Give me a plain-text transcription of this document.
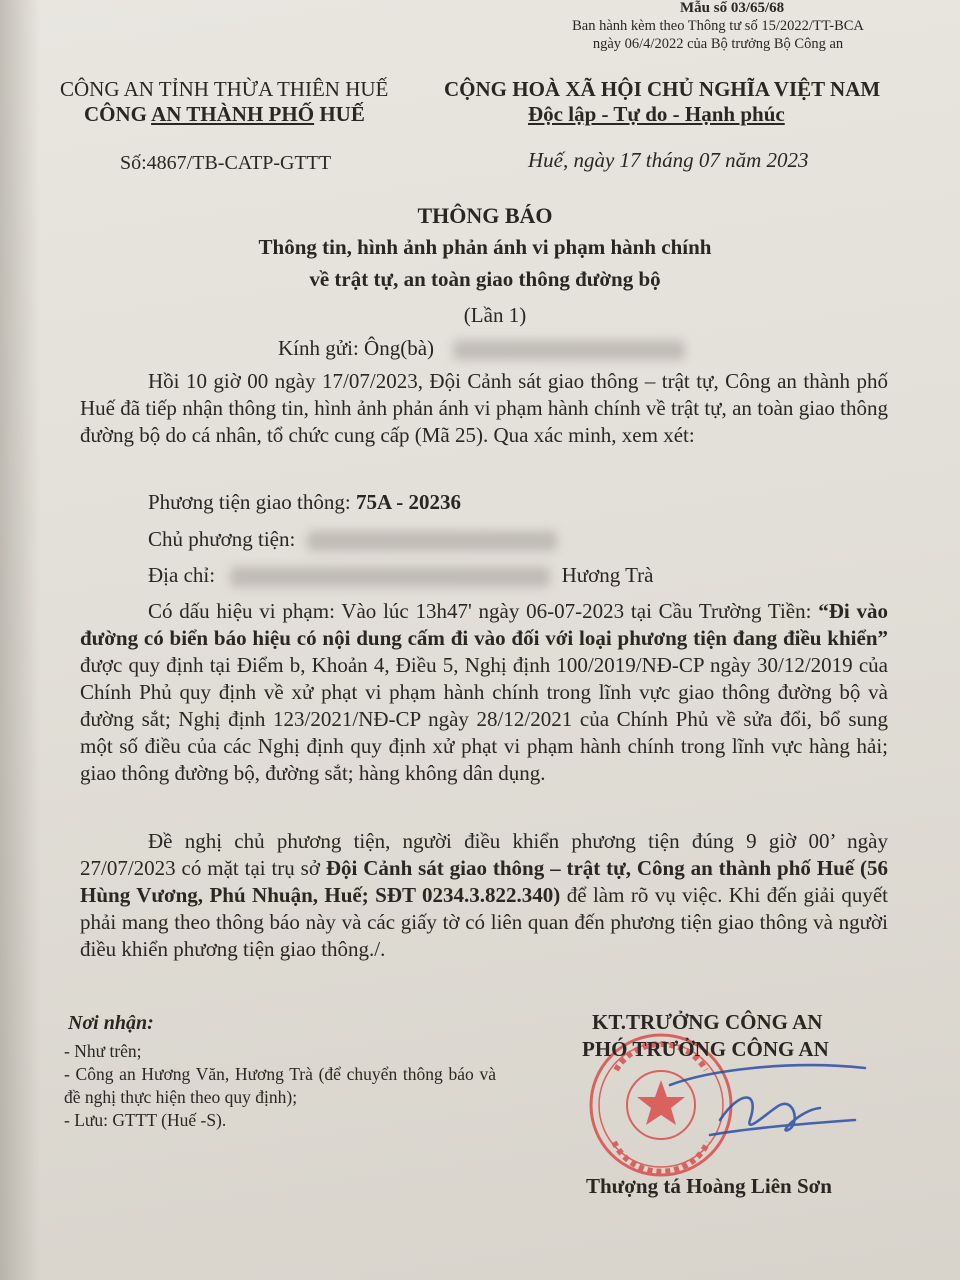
Mẫu số 03/65/68
Ban hành kèm theo Thông tư số 15/2022/TT-BCA
ngày 06/4/2022 của Bộ trưởng Bộ Công an
CÔNG AN TỈNH THỪA THIÊN HUẾ
CÔNG AN THÀNH PHỐ HUẾ
CỘNG HOÀ XÃ HỘI CHỦ NGHĨA VIỆT NAM
Độc lập - Tự do - Hạnh phúc
Số:4867/TB-CATP-GTTT	Huế, ngày 17 tháng 07 năm 2023
THÔNG BÁO
Thông tin, hình ảnh phản ánh vi phạm hành chính
về trật tự, an toàn giao thông đường bộ
(Lần 1)
Kính gửi: Ông(bà)
Hồi 10 giờ 00 ngày 17/07/2023, Đội Cảnh sát giao thông – trật tự, Công an thành phố Huế đã tiếp nhận thông tin, hình ảnh phản ánh vi phạm hành chính về trật tự, an toàn giao thông đường bộ do cá nhân, tổ chức cung cấp (Mã 25). Qua xác minh, xem xét:
Phương tiện giao thông: 75A - 20236
Chủ phương tiện:
Địa chỉ:	Hương Trà
Có dấu hiệu vi phạm: Vào lúc 13h47' ngày 06-07-2023 tại Cầu Trường Tiền: “Đi vào đường có biển báo hiệu có nội dung cấm đi vào đối với loại phương tiện đang điều khiển” được quy định tại Điểm b, Khoản 4, Điều 5, Nghị định 100/2019/NĐ-CP ngày 30/12/2019 của Chính Phủ quy định về xử phạt vi phạm hành chính trong lĩnh vực giao thông đường bộ và đường sắt; Nghị định 123/2021/NĐ-CP ngày 28/12/2021 của Chính Phủ về sửa đổi, bổ sung một số điều của các Nghị định quy định xử phạt vi phạm hành chính trong lĩnh vực hàng hải; giao thông đường bộ, đường sắt; hàng không dân dụng.
Đề nghị chủ phương tiện, người điều khiển phương tiện đúng 9 giờ 00’ ngày 27/07/2023 có mặt tại trụ sở Đội Cảnh sát giao thông – trật tự, Công an thành phố Huế (56 Hùng Vương, Phú Nhuận, Huế; SĐT 0234.3.822.340) để làm rõ vụ việc. Khi đến giải quyết phải mang theo thông báo này và các giấy tờ có liên quan đến phương tiện giao thông và người điều khiển phương tiện giao thông./.
Nơi nhận:

- Như trên;

- Công an Hương Văn, Hương Trà (để chuyển thông báo và đề nghị thực hiện theo quy định);

- Lưu: GTTT (Huế -S).

KT.TRƯỞNG CÔNG AN
PHÓ TRƯỞNG CÔNG AN
Thượng tá Hoàng Liên Sơn
